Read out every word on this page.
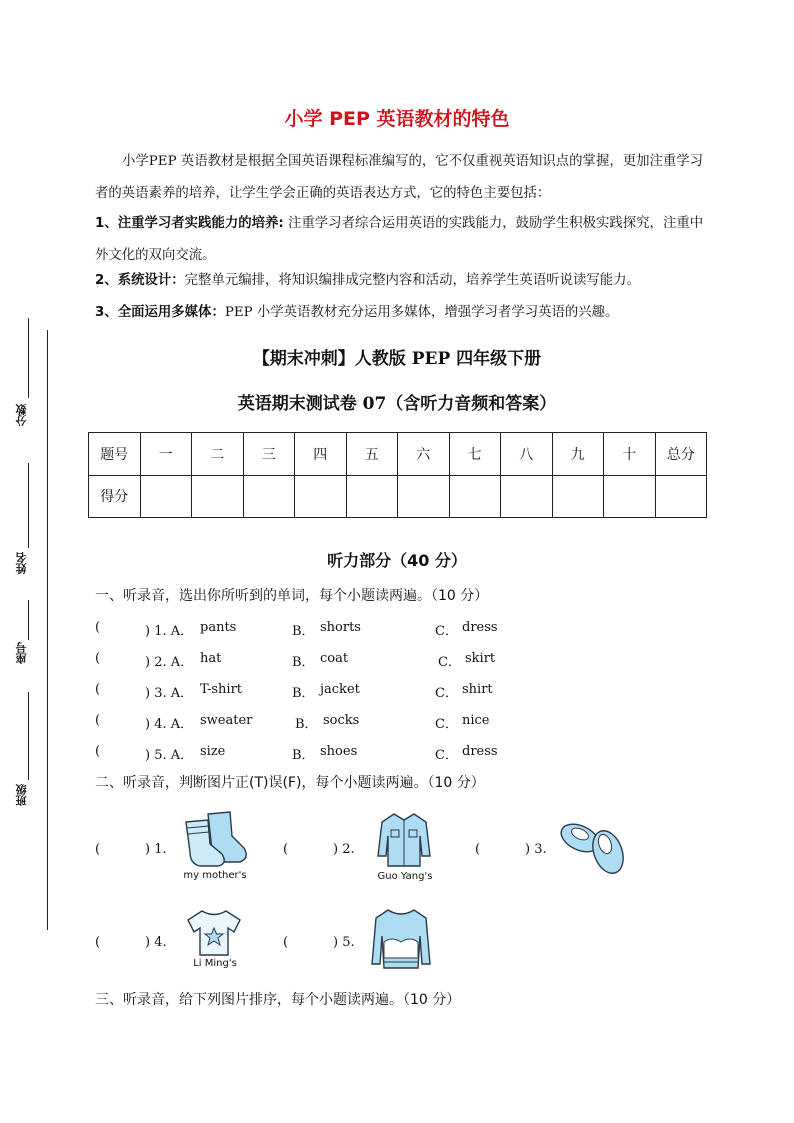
小学 PEP 英语教材的特色
小学PEP 英语教材是根据全国英语课程标准编写的，它不仅重视英语知识点的掌握，更加注重学习者的英语素养的培养，让学生学会正确的英语表达方式，它的特色主要包括：
1、注重学习者实践能力的培养: 注重学习者综合运用英语的实践能力，鼓励学生积极实践探究，注重中外文化的双向交流。
2、系统设计：完整单元编排，将知识编排成完整内容和活动，培养学生英语听说读写能力。
3、全面运用多媒体：PEP 小学英语教材充分运用多媒体，增强学习者学习英语的兴趣。
【期末冲刺】人教版 PEP 四年级下册
英语期末测试卷 07（含听力音频和答案）
题号	一	二	三	四	五	六	七	八	九	十	总分
得分											
分数
姓名
座号
班级
听力部分（40 分）
一、听录音，选出你所听到的单词，每个小题读两遍。（10 分）
(	) 1. A． pants	B． shorts	C． dress
(	) 2. A． hat	B． coat	C． skirt
(	) 3. A． T-shirt	B． jacket	C． shirt
(	) 4. A． sweater	B． socks	C． nice
(	) 5. A． size	B． shoes	C． dress
二、听录音，判断图片正(T)误(F)，每个小题读两遍。（10 分）
(	) 1.
my mother's
(	) 2.
Guo Yang's
(	) 3.
(	) 4.
Li Ming's
(	) 5.
三、听录音，给下列图片排序，每个小题读两遍。（10 分）
